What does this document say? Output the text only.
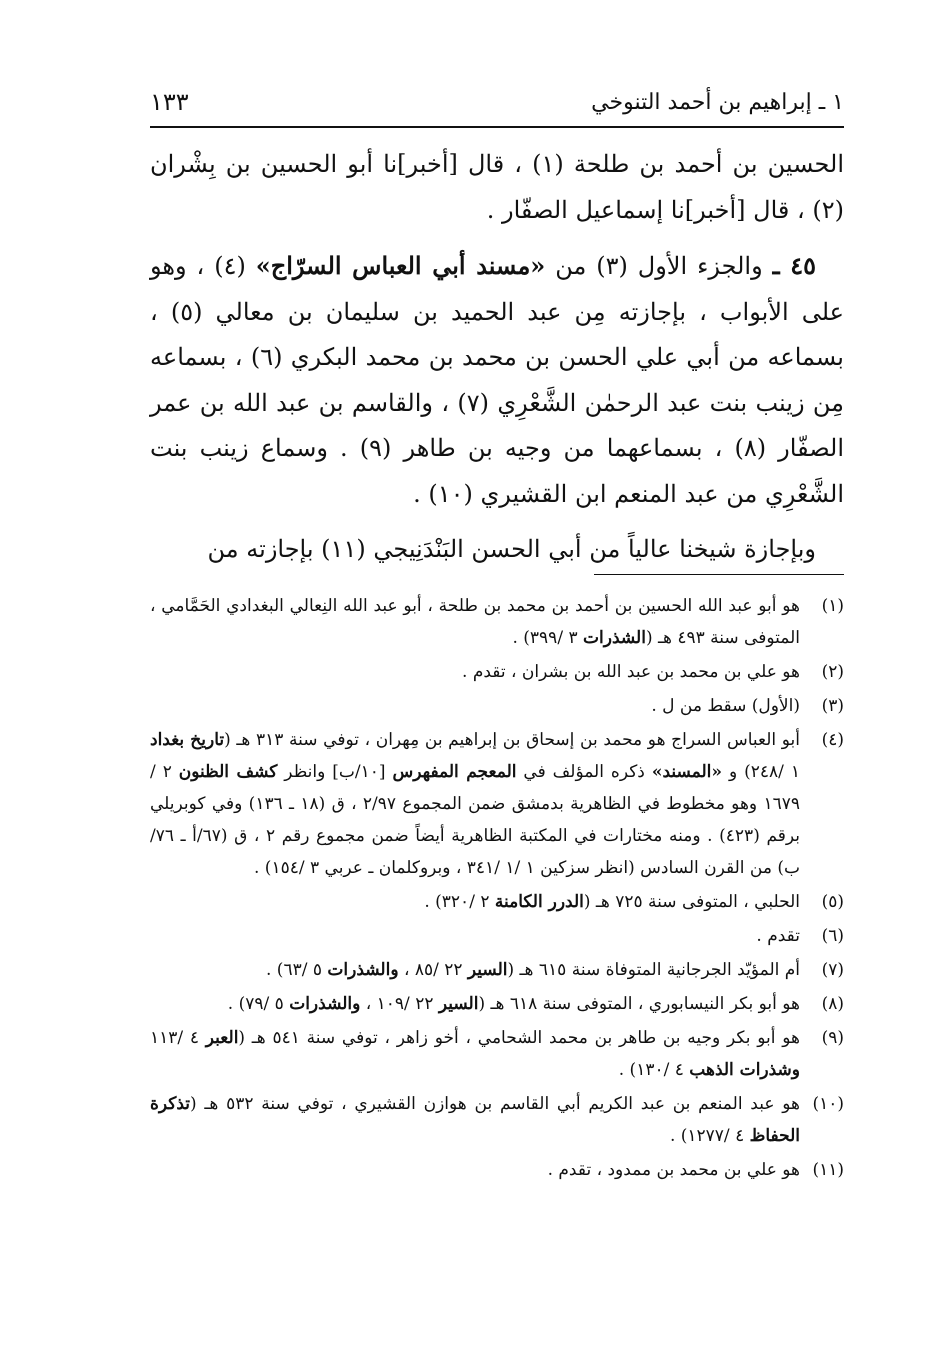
١ ـ إبراهيم بن أحمد التنوخي
١٣٣

الحسين بن أحمد بن طلحة (١) ، قال [أخبر]نا أبو الحسين بن بِشْران (٢) ، قال [أخبر]نا إسماعيل الصفّار .

٤٥ ـ والجزء الأول (٣) من «مسند أبي العباس السرّاج» (٤) ، وهو على الأبواب ، بإجازته مِن عبد الحميد بن سليمان بن معالي (٥) ، بسماعه من أبي علي الحسن بن محمد بن محمد البكري (٦) ، بسماعه مِن زينب بنت عبد الرحمٰن الشَّعْرِي (٧) ، والقاسم بن عبد الله بن عمر الصفّار (٨) ، بسماعهما من وجيه بن طاهر (٩) . وسماع زينب بنت الشَّعْرِي من عبد المنعم ابن القشيري (١٠) .

وبإجازة شيخنا عالياً من أبي الحسن البَنْدَنِيجي (١١) بإجازته من

(١)
هو أبو عبد الله الحسين بن أحمد بن محمد بن طلحة ، أبو عبد الله النِعالي البغدادي الحَمَّامي ، المتوفى سنة ٤٩٣ هـ (الشذرات ٣ /٣٩٩) .
(٢)
هو علي بن محمد بن عبد الله بن بشران ، تقدم .
(٣)
(الأول) سقط من ل .
(٤)
أبو العباس السراج هو محمد بن إسحاق بن إبراهيم بن مِهران ، توفي سنة ٣١٣ هـ (تاريخ بغداد ١ /٢٤٨) و «المسند» ذكره المؤلف في المعجم المفهرس [١٠/ب] وانظر كشف الظنون ٢ /١٦٧٩ وهو مخطوط في الظاهرية بدمشق ضمن المجموع ٢/٩٧ ، ق (١٨ ـ ١٣٦) وفي كوبريلي برقم (٤٢٣) . ومنه مختارات في المكتبة الظاهرية أيضاً ضمن مجموع رقم ٢ ، ق (٦٧/أ ـ ٧٦/ب) من القرن السادس (انظر سزكين ١ /١ /٣٤١ ، وبروكلمان ـ عربي ٣ /١٥٤) .
(٥)
الحلبي ، المتوفى سنة ٧٢٥ هـ (الدرر الكامنة ٢ /٣٢٠) .
(٦)
تقدم .
(٧)
أم المؤيّد الجرجانية المتوفاة سنة ٦١٥ هـ (السير ٢٢ /٨٥ ، والشذرات ٥ /٦٣) .
(٨)
هو أبو بكر النيسابوري ، المتوفى سنة ٦١٨ هـ (السير ٢٢ /١٠٩ ، والشذرات ٥ /٧٩) .
(٩)
هو أبو بكر وجيه بن طاهر بن محمد الشحامي ، أخو زاهر ، توفي سنة ٥٤١ هـ (العبر ٤ /١١٣ وشذرات الذهب ٤ /١٣٠) .
(١٠)
هو عبد المنعم بن عبد الكريم أبي القاسم بن هوازن القشيري ، توفي سنة ٥٣٢ هـ (تذكرة الحفاظ ٤ /١٢٧٧) .
(١١)
هو علي بن محمد بن ممدود ، تقدم .
